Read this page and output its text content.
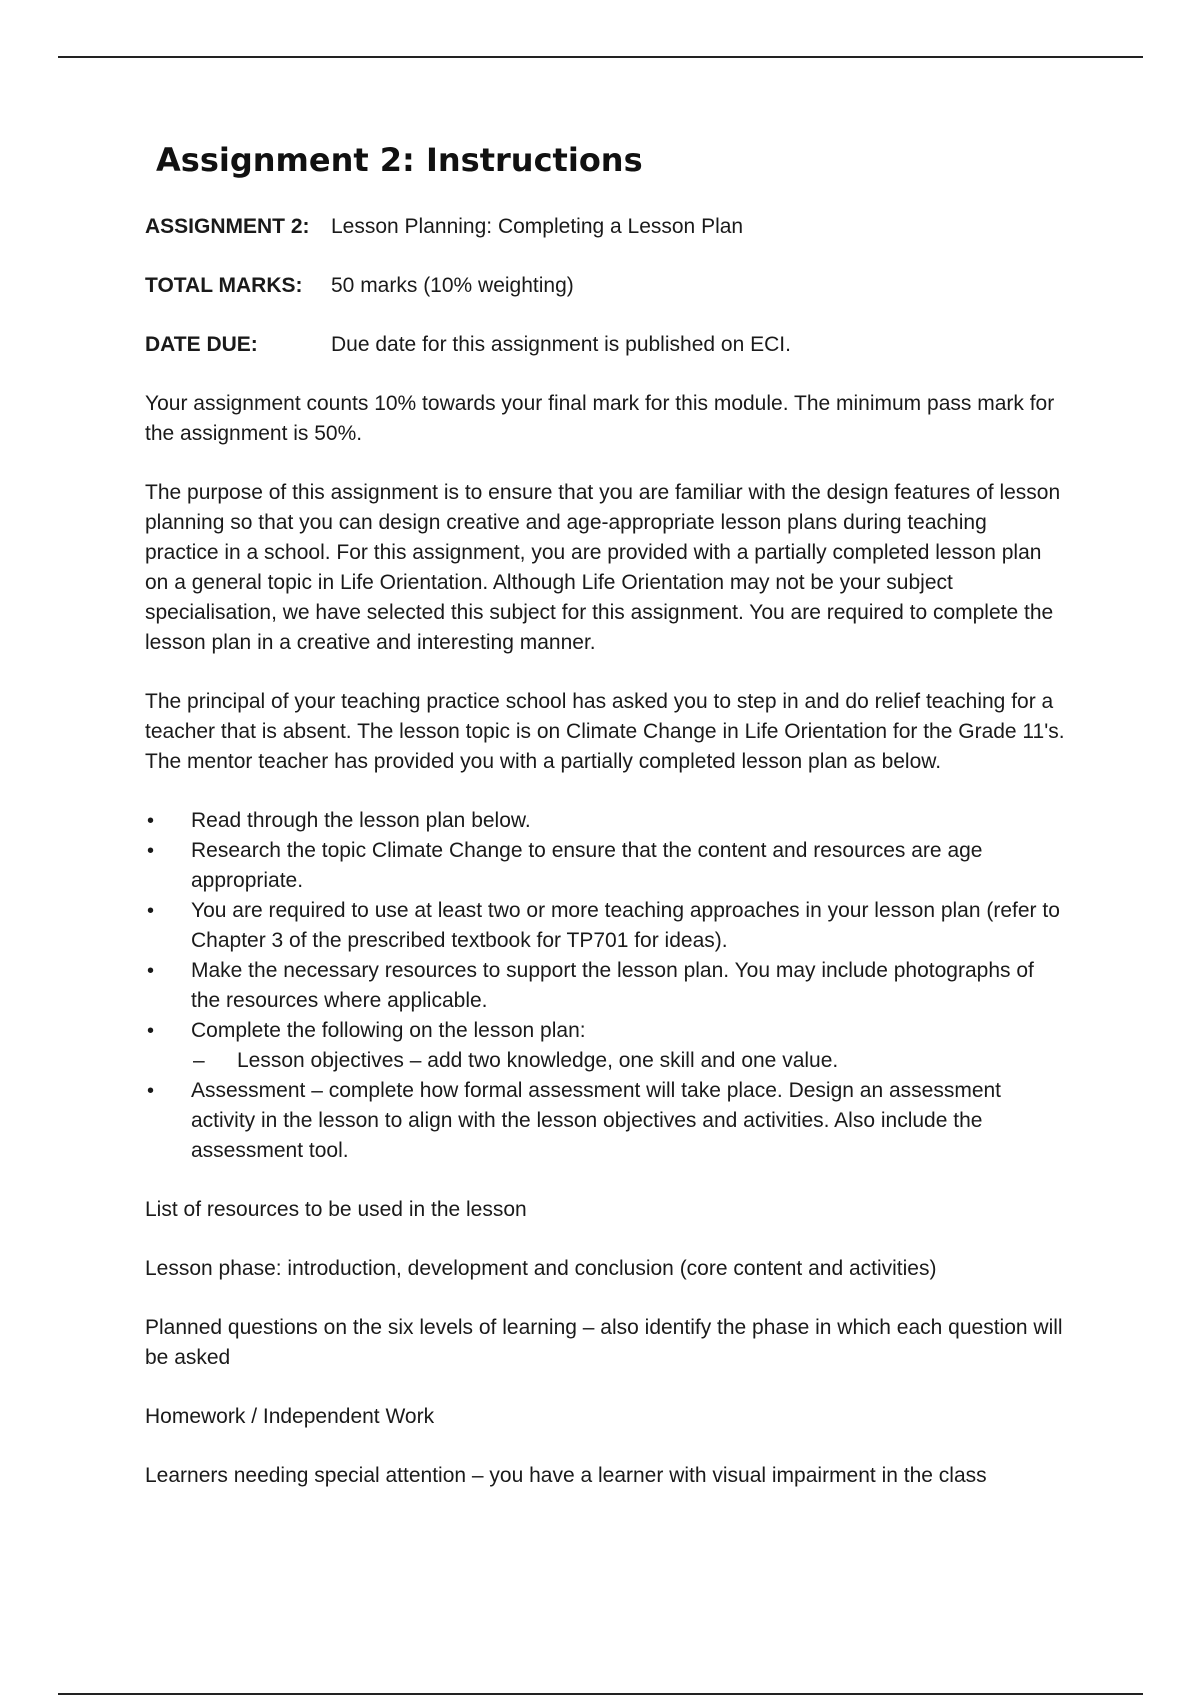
Assignment 2: Instructions
ASSIGNMENT 2:	Lesson Planning: Completing a Lesson Plan
TOTAL MARKS:	50 marks (10% weighting)
DATE DUE:	Due date for this assignment is published on ECI.

Your assignment counts 10% towards your final mark for this module. The minimum pass mark for the assignment is 50%.

The purpose of this assignment is to ensure that you are familiar with the design features of lesson planning so that you can design creative and age-appropriate lesson plans during teaching practice in a school. For this assignment, you are provided with a partially completed lesson plan on a general topic in Life Orientation. Although Life Orientation may not be your subject specialisation, we have selected this subject for this assignment. You are required to complete the lesson plan in a creative and interesting manner.

The principal of your teaching practice school has asked you to step in and do relief teaching for a teacher that is absent. The lesson topic is on Climate Change in Life Orientation for the Grade 11's. The mentor teacher has provided you with a partially completed lesson plan as below.

• Read through the lesson plan below.
• Research the topic Climate Change to ensure that the content and resources are age appropriate.
• You are required to use at least two or more teaching approaches in your lesson plan (refer to Chapter 3 of the prescribed textbook for TP701 for ideas).
• Make the necessary resources to support the lesson plan. You may include photographs of the resources where applicable.
• Complete the following on the lesson plan:
– Lesson objectives – add two knowledge, one skill and one value.
• Assessment – complete how formal assessment will take place. Design an assessment activity in the lesson to align with the lesson objectives and activities. Also include the assessment tool.

List of resources to be used in the lesson

Lesson phase: introduction, development and conclusion (core content and activities)

Planned questions on the six levels of learning – also identify the phase in which each question will be asked

Homework / Independent Work

Learners needing special attention – you have a learner with visual impairment in the class
